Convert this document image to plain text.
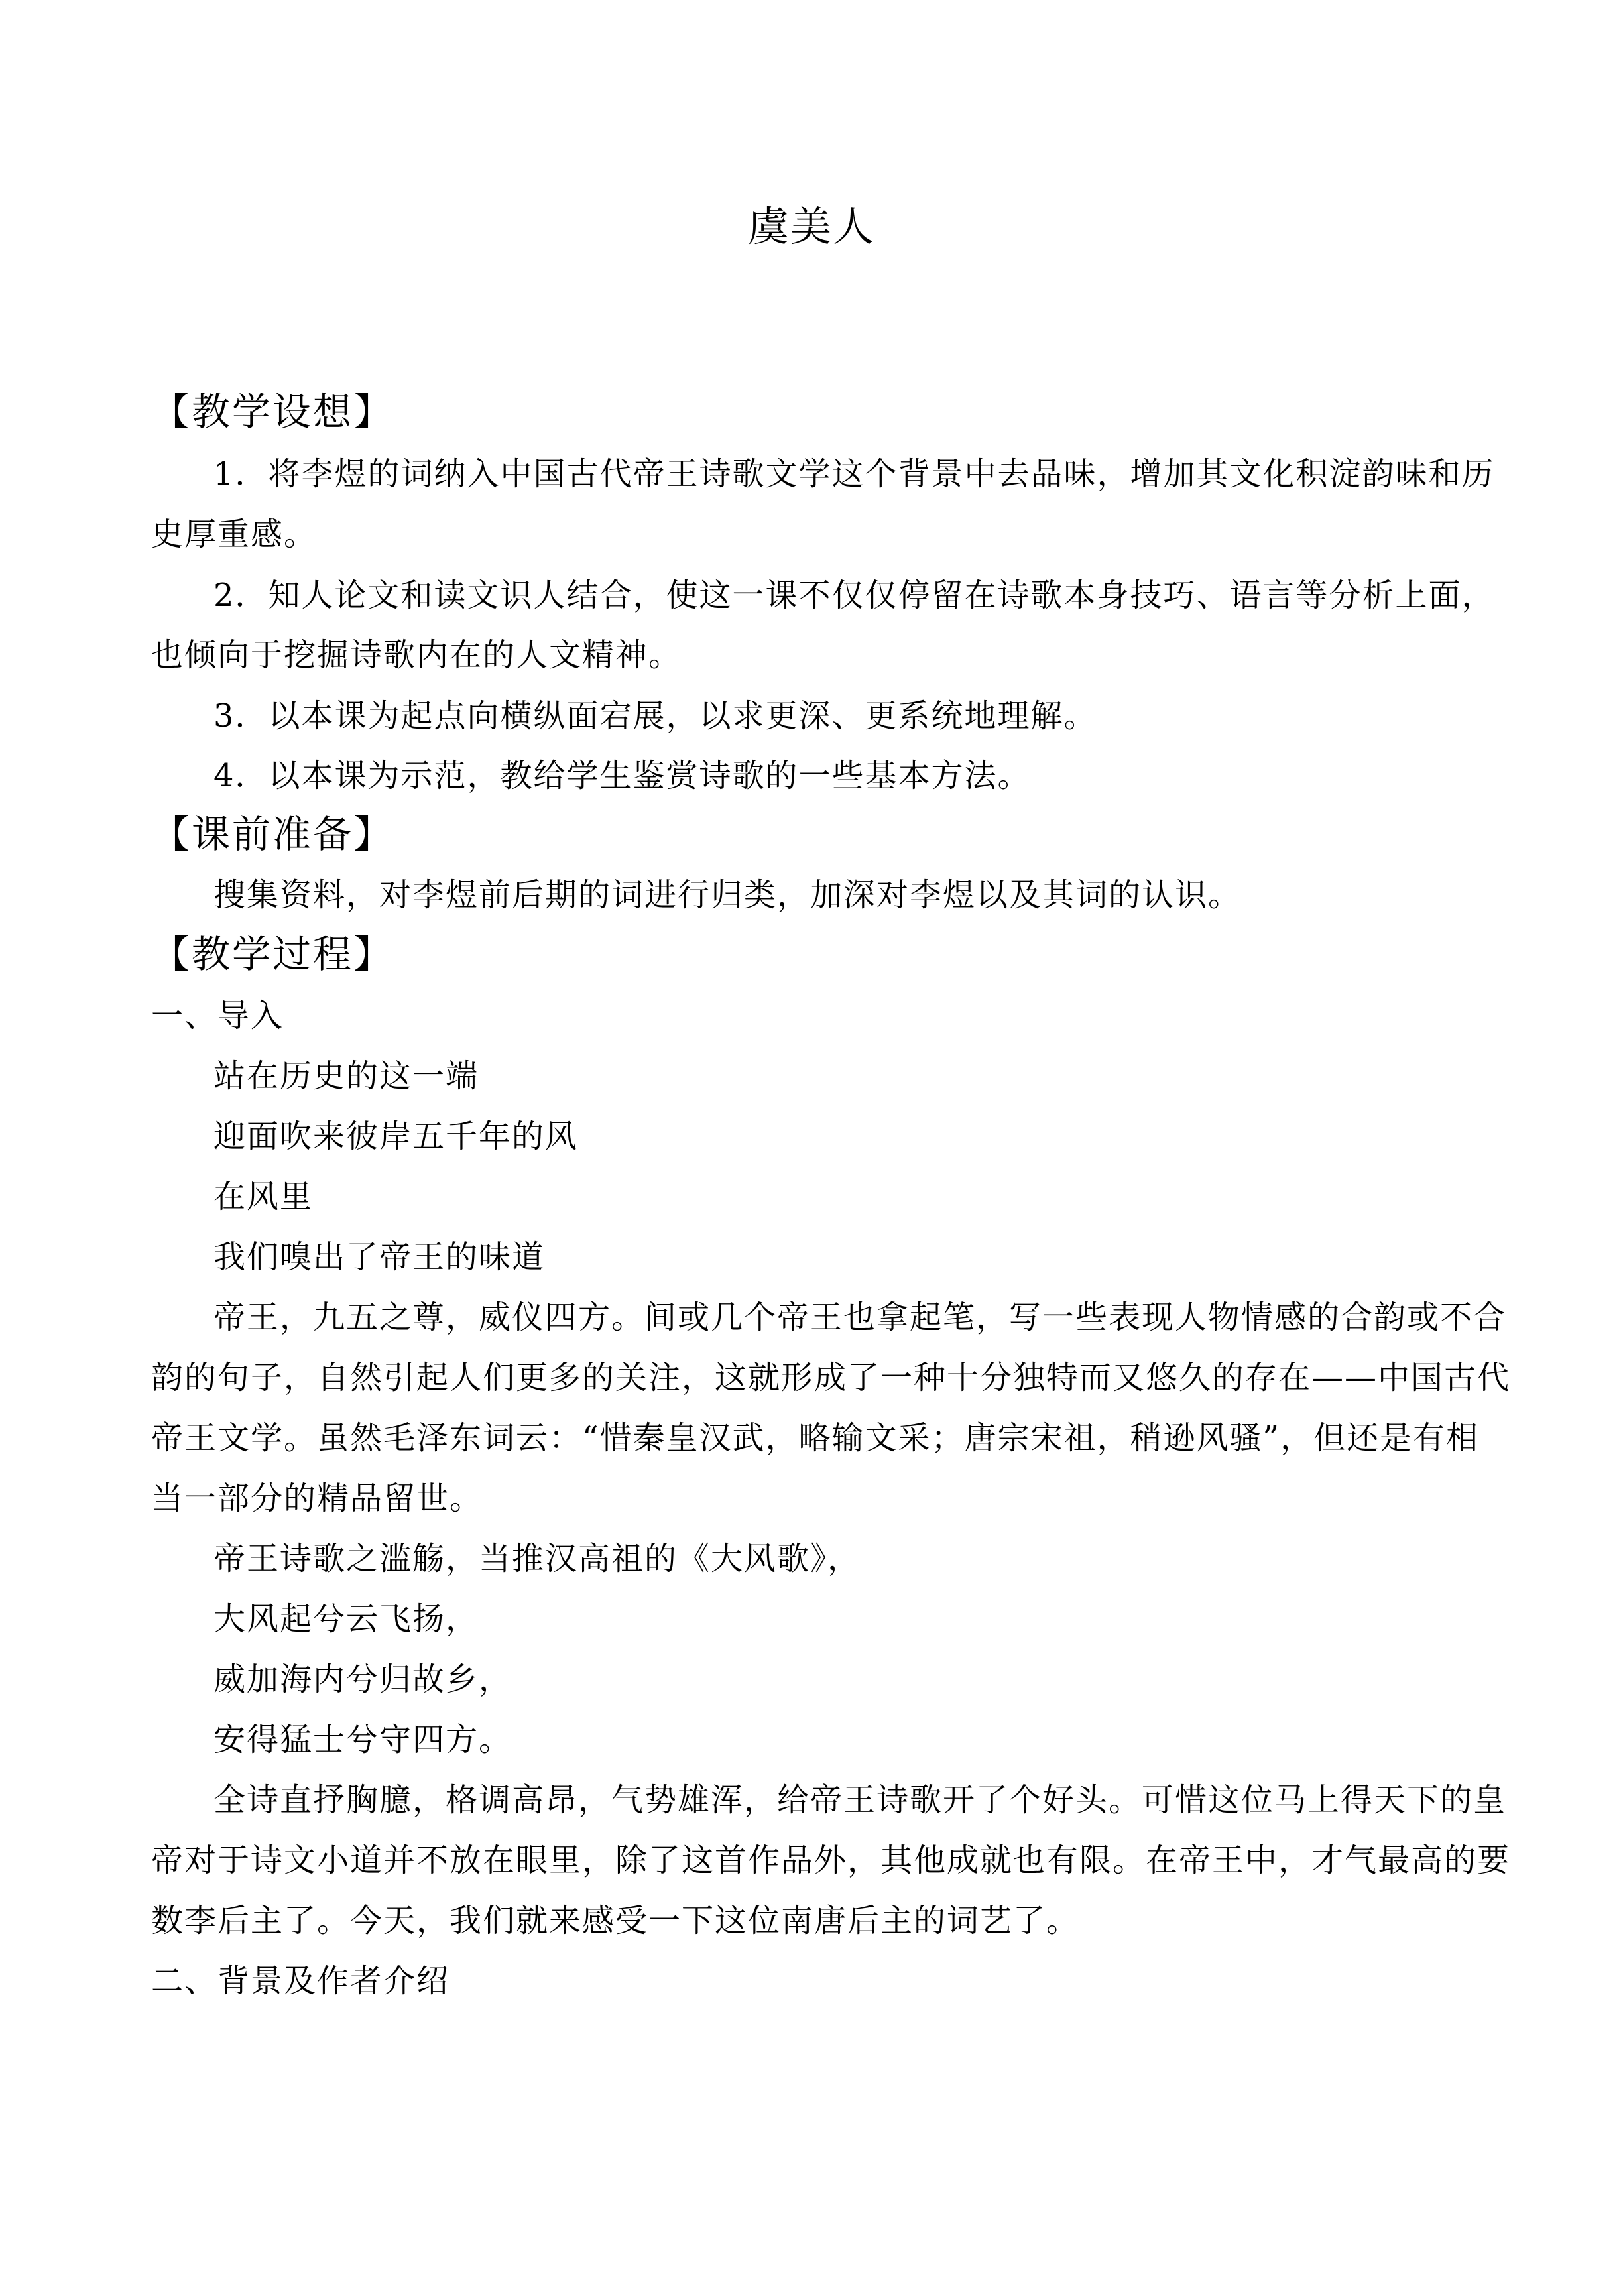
虞美人
【教学设想】
1．将李煜的词纳入中国古代帝王诗歌文学这个背景中去品味，增加其文化积淀韵味和历
史厚重感。
2．知人论文和读文识人结合，使这一课不仅仅停留在诗歌本身技巧、语言等分析上面，
也倾向于挖掘诗歌内在的人文精神。
3．以本课为起点向横纵面宕展，以求更深、更系统地理解。
4．以本课为示范，教给学生鉴赏诗歌的一些基本方法。
【课前准备】
搜集资料，对李煜前后期的词进行归类，加深对李煜以及其词的认识。
【教学过程】
一、导入
站在历史的这一端
迎面吹来彼岸五千年的风
在风里
我们嗅出了帝王的味道
帝王，九五之尊，威仪四方。间或几个帝王也拿起笔，写一些表现人物情感的合韵或不合
韵的句子，自然引起人们更多的关注，这就形成了一种十分独特而又悠久的存在——中国古代
帝王文学。虽然毛泽东词云：“惜秦皇汉武，略输文采；唐宗宋祖，稍逊风骚”，但还是有相
当一部分的精品留世。
帝王诗歌之滥觞，当推汉高祖的《大风歌》，
大风起兮云飞扬，
威加海内兮归故乡，
安得猛士兮守四方。
全诗直抒胸臆，格调高昂，气势雄浑，给帝王诗歌开了个好头。可惜这位马上得天下的皇
帝对于诗文小道并不放在眼里，除了这首作品外，其他成就也有限。在帝王中，才气最高的要
数李后主了。今天，我们就来感受一下这位南唐后主的词艺了。
二、背景及作者介绍
